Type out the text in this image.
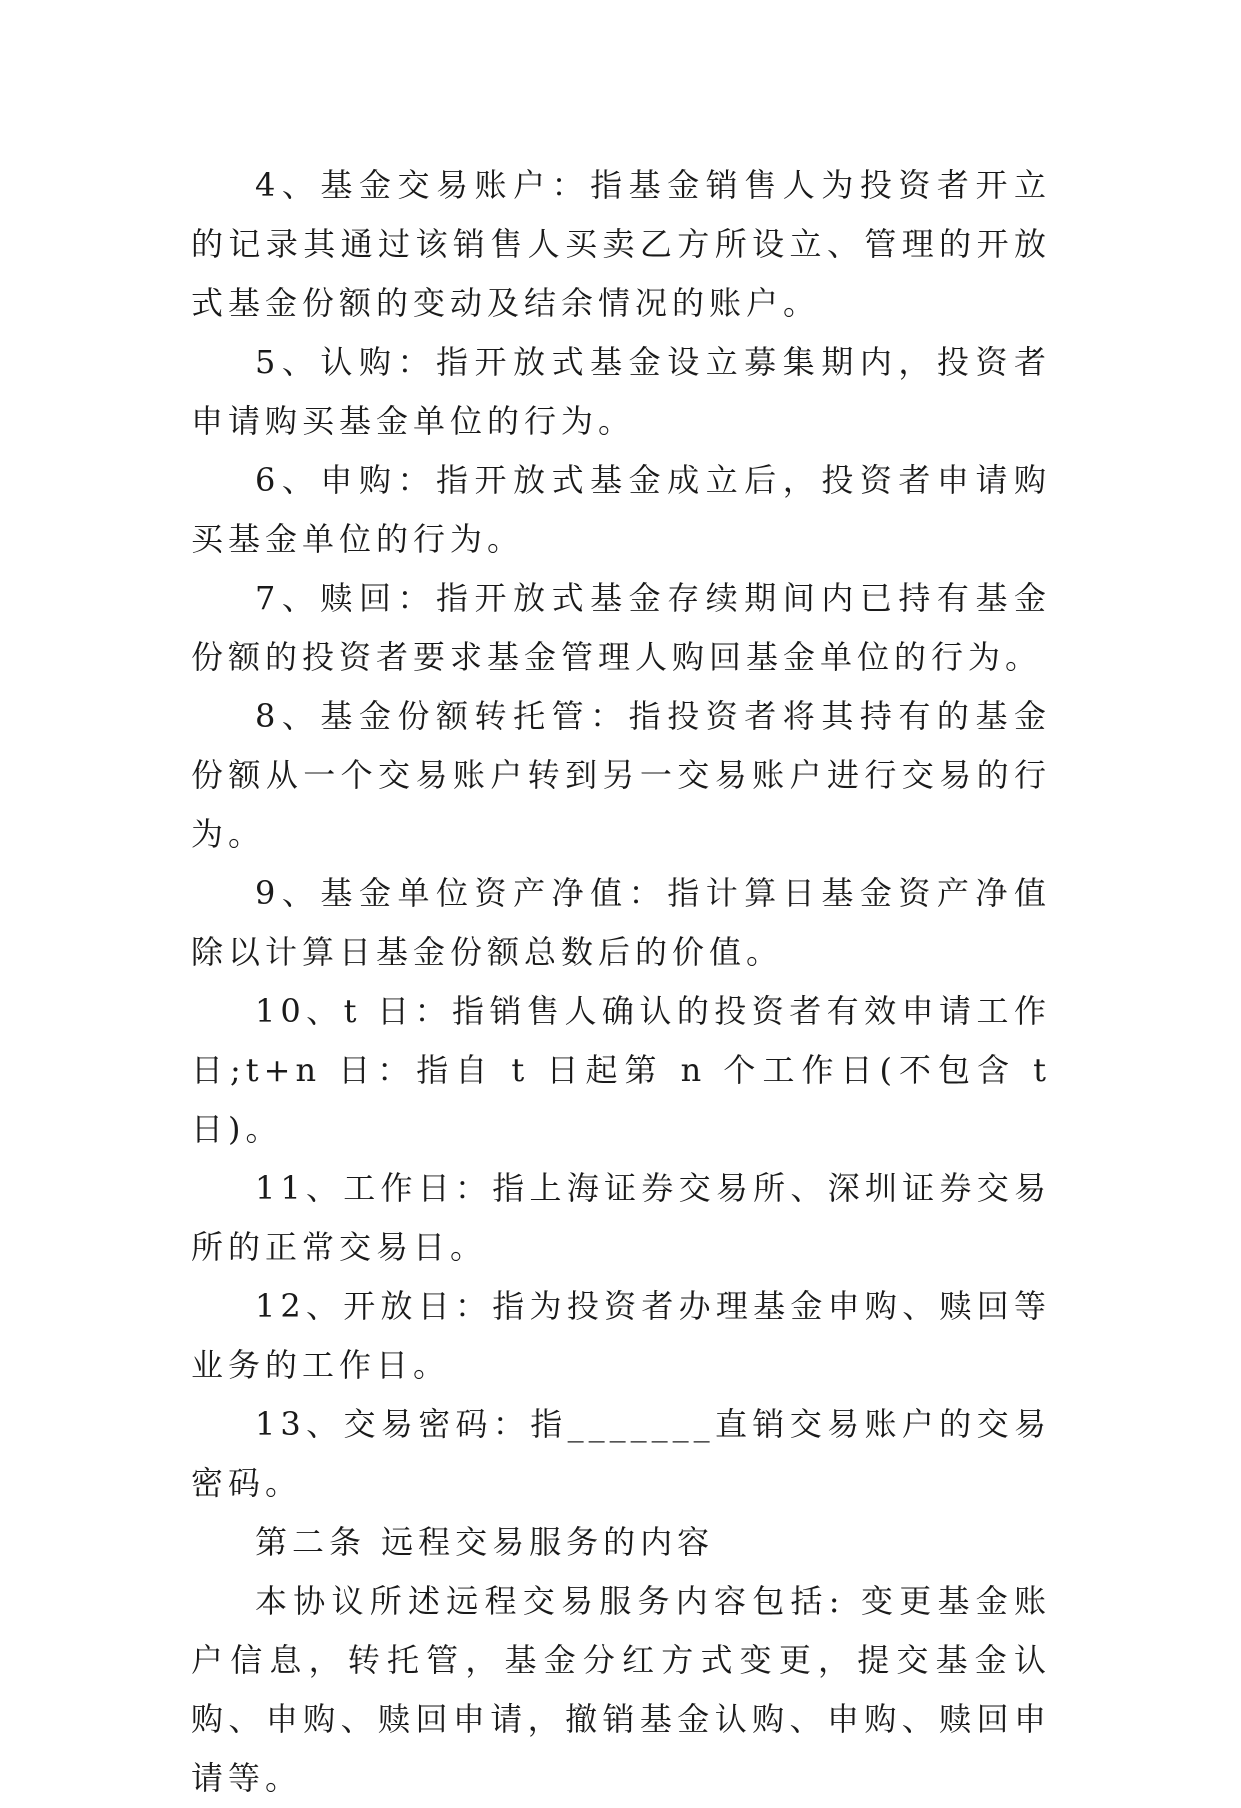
4、基金交易账户：指基金销售人为投资者开立的记录其通过该销售人买卖乙方所设立、管理的开放式基金份额的变动及结余情况的账户。

5、认购：指开放式基金设立募集期内，投资者申请购买基金单位的行为。

6、申购：指开放式基金成立后，投资者申请购买基金单位的行为。

7、赎回：指开放式基金存续期间内已持有基金份额的投资者要求基金管理人购回基金单位的行为。

8、基金份额转托管：指投资者将其持有的基金份额从一个交易账户转到另一交易账户进行交易的行为。

9、基金单位资产净值：指计算日基金资产净值除以计算日基金份额总数后的价值。

10、t 日：指销售人确认的投资者有效申请工作日;t+n 日：指自 t 日起第 n 个工作日(不包含 t 日)。

11、工作日：指上海证券交易所、深圳证券交易所的正常交易日。

12、开放日：指为投资者办理基金申购、赎回等业务的工作日。

13、交易密码：指_______直销交易账户的交易密码。

第二条 远程交易服务的内容

本协议所述远程交易服务内容包括: 变更基金账户信息，转托管，基金分红方式变更，提交基金认购、申购、赎回申请，撤销基金认购、申购、赎回申请等。
